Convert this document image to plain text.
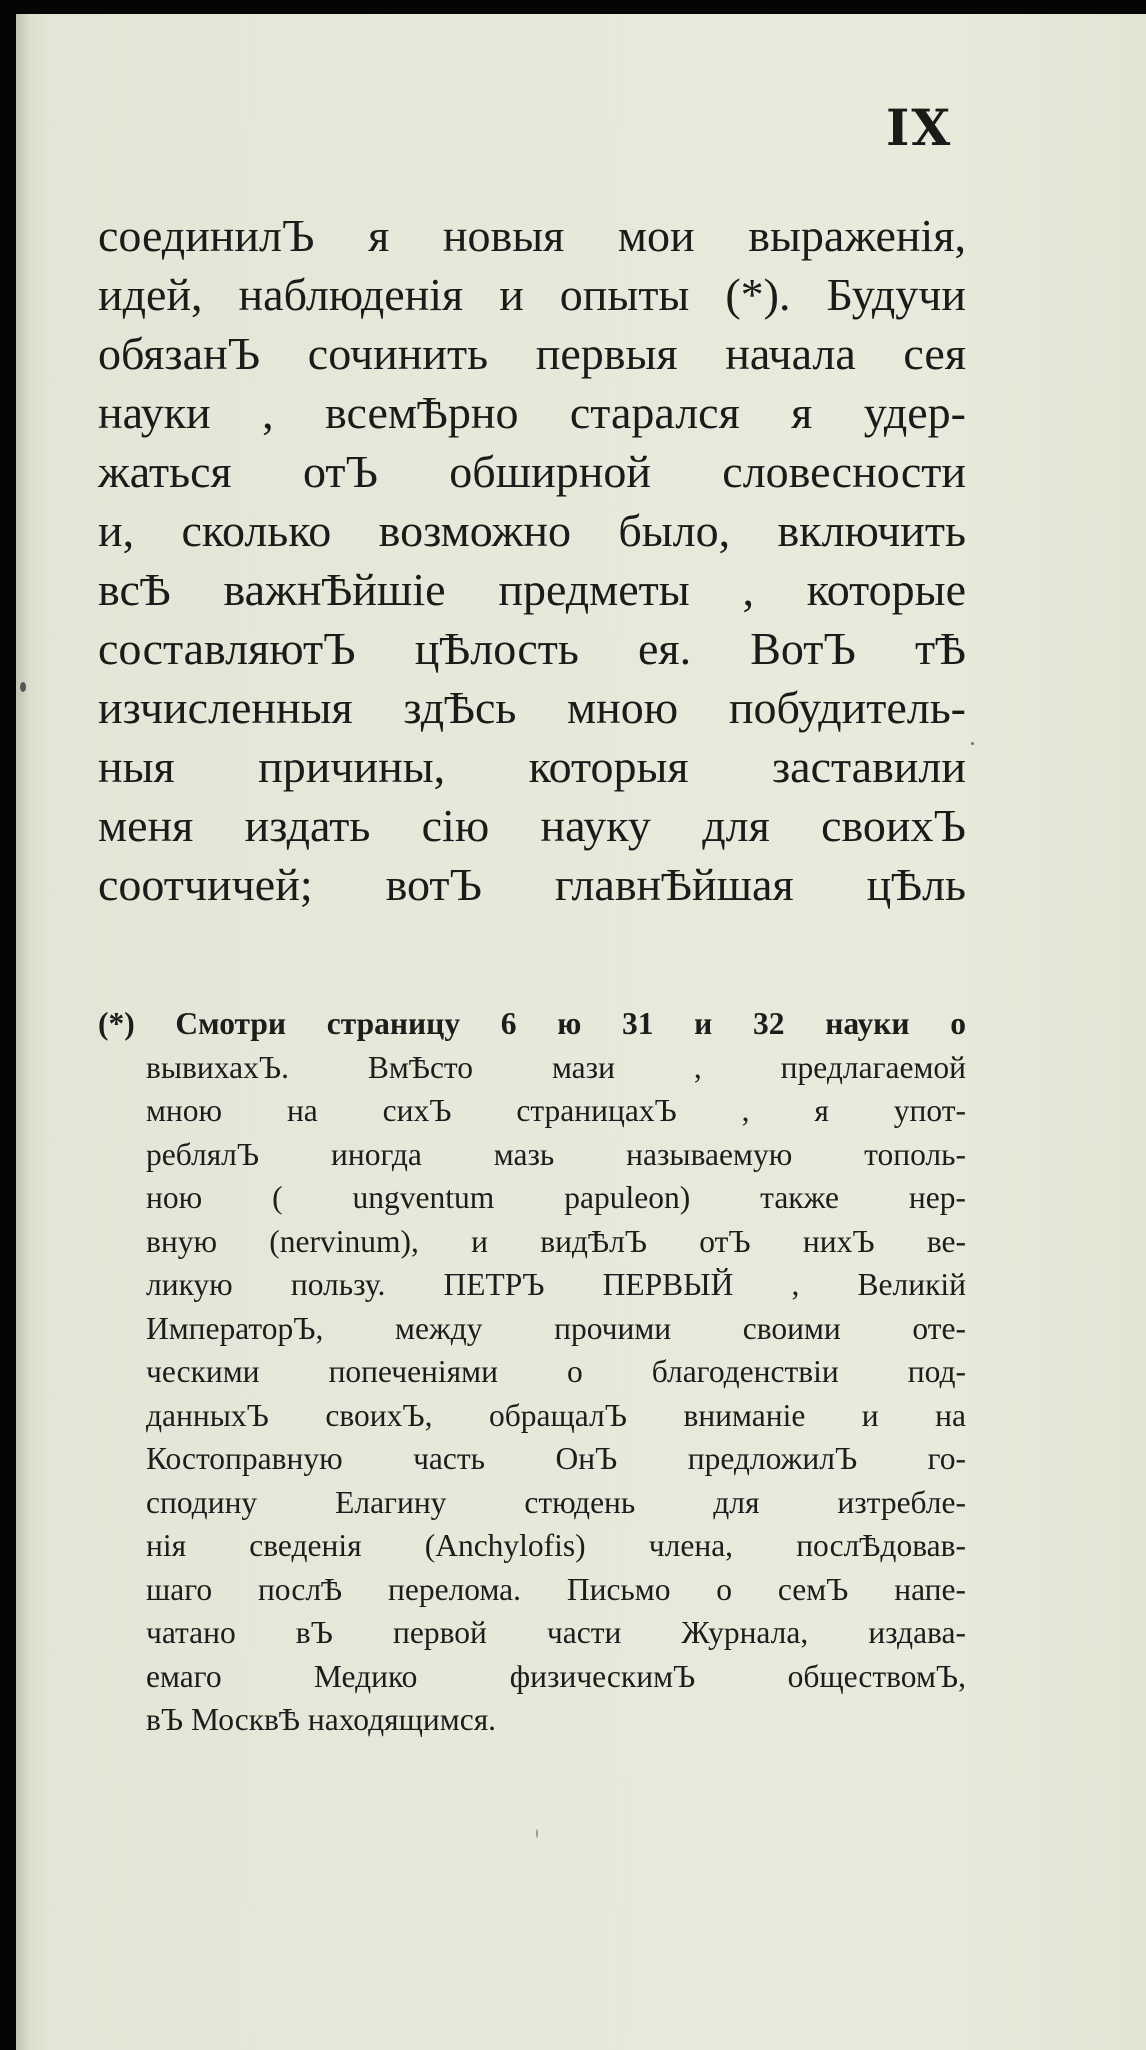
IX
соединилЪ я новыя мои выраженія,
идей, наблюденія и опыты (*). Будучи
обязанЪ сочинить первыя начала сея
науки , всемѢрно старался я удер-
жаться отЪ обширной словесности
и, сколько возможно было, включить
всѢ важнѢйшіе предметы , которые
составляютЪ цѢлость ея. ВотЪ тѢ
изчисленныя здѢсь мною побудитель-
ныя причины, которыя заставили
меня издать сію науку для своихЪ
соотчичей; вотЪ главнѢйшая цѢль
(*) Смотри страницу 6 ю 31 и 32 науки о
вывихахЪ. ВмѢсто мази , предлагаемой
мною на сихЪ страницахЪ , я упот-
реблялЪ иногда мазь называемую тополь-
ною ( ungventum papuleon) также нер-
вную (nervinum), и видѢлЪ отЪ нихЪ ве-
ликую пользу. ПЕТРЪ ПЕРВЫЙ , Великій
ИмператорЪ, между прочими своими оте-
ческими попеченіями о благоденствіи под-
данныхЪ своихЪ, обращалЪ вниманіе и на
Костоправную часть ОнЪ предложилЪ го-
сподину Елагину стюдень для изтребле-
нія сведенія (Anchylofis) члена, послѢдовав-
шаго послѢ перелома. Письмо о семЪ напе-
чатано вЪ первой части Журнала, издава-
емаго Медико физическимЪ обществомЪ,
вЪ МосквѢ находящимся.
